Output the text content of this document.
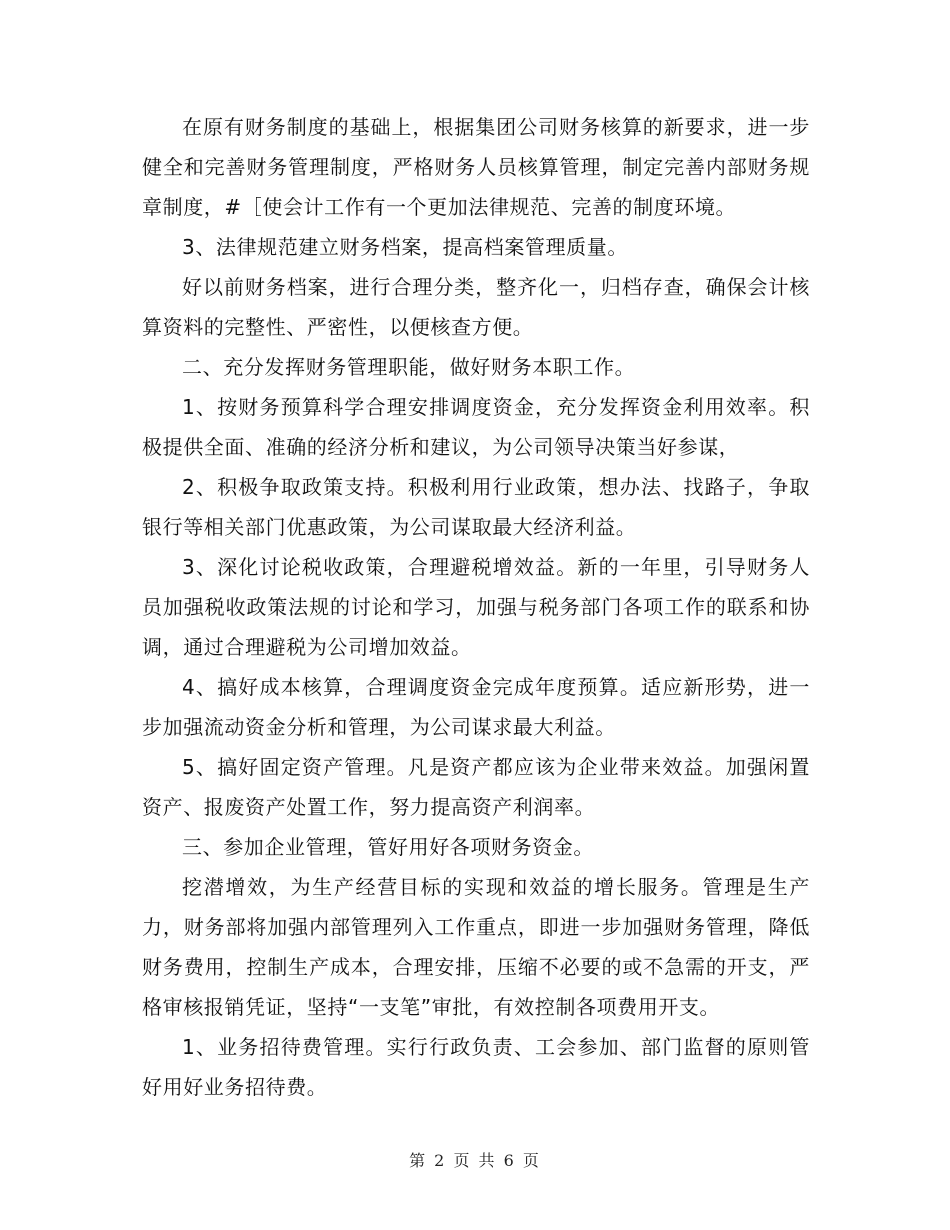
在原有财务制度的基础上，根据集团公司财务核算的新要求，进一步健全和完善财务管理制度，严格财务人员核算管理，制定完善内部财务规章制度，#［使会计工作有一个更加法律规范、完善的制度环境。

3、法律规范建立财务档案，提高档案管理质量。

好以前财务档案，进行合理分类，整齐化一，归档存查，确保会计核算资料的完整性、严密性，以便核查方便。

二、充分发挥财务管理职能，做好财务本职工作。

1、按财务预算科学合理安排调度资金，充分发挥资金利用效率。积极提供全面、准确的经济分析和建议，为公司领导决策当好参谋，

2、积极争取政策支持。积极利用行业政策，想办法、找路子，争取银行等相关部门优惠政策，为公司谋取最大经济利益。

3、深化讨论税收政策，合理避税增效益。新的一年里，引导财务人员加强税收政策法规的讨论和学习，加强与税务部门各项工作的联系和协调，通过合理避税为公司增加效益。

4、搞好成本核算，合理调度资金完成年度预算。适应新形势，进一步加强流动资金分析和管理，为公司谋求最大利益。

5、搞好固定资产管理。凡是资产都应该为企业带来效益。加强闲置资产、报废资产处置工作，努力提高资产利润率。

三、参加企业管理，管好用好各项财务资金。

挖潜增效，为生产经营目标的实现和效益的增长服务。管理是生产力，财务部将加强内部管理列入工作重点，即进一步加强财务管理，降低财务费用，控制生产成本，合理安排，压缩不必要的或不急需的开支，严格审核报销凭证，坚持“一支笔”审批，有效控制各项费用开支。

1、业务招待费管理。实行行政负责、工会参加、部门监督的原则管好用好业务招待费。

第 2 页 共 6 页
